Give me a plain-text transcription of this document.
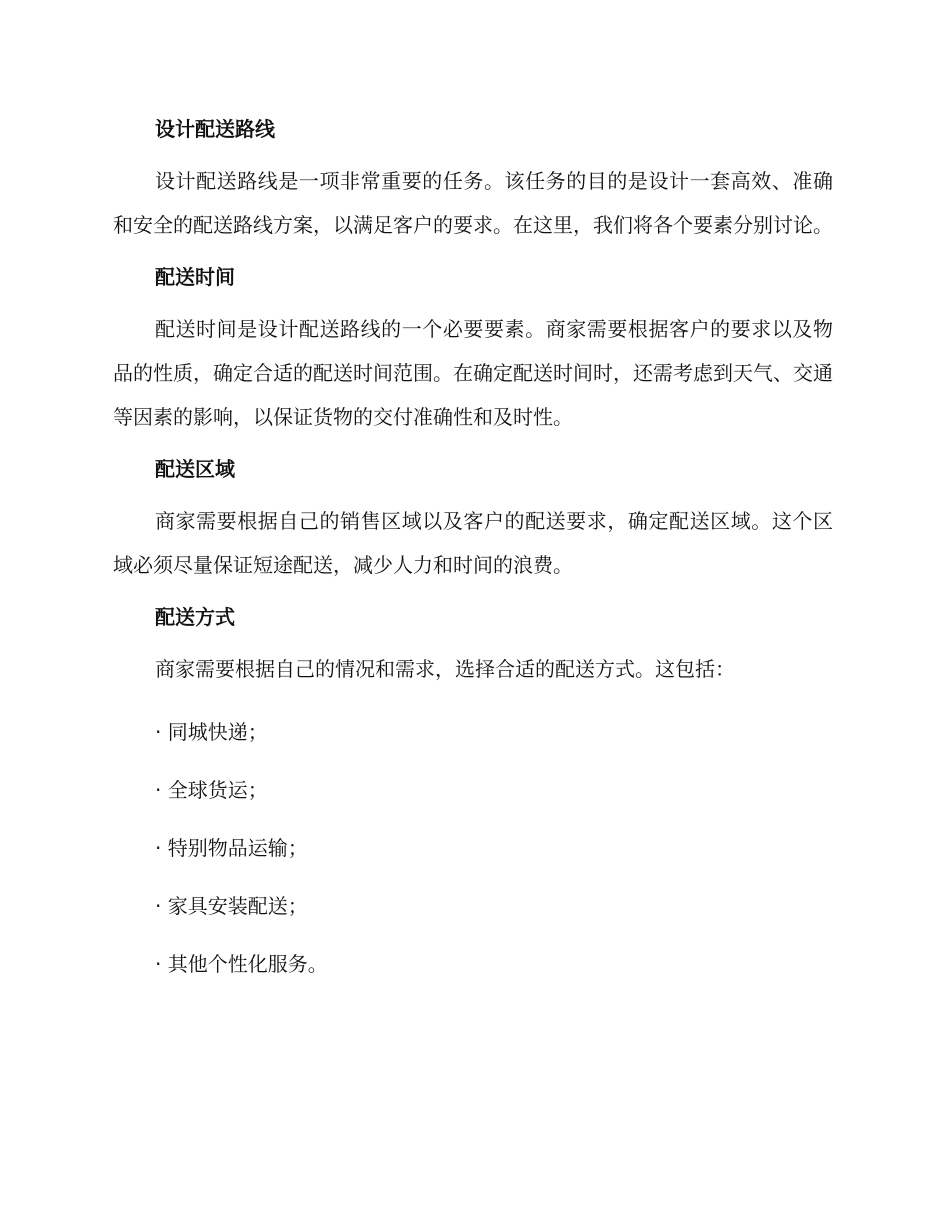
设计配送路线

设计配送路线是一项非常重要的任务。该任务的目的是设计一套高效、准确和安全的配送路线方案，以满足客户的要求。在这里，我们将各个要素分别讨论。

配送时间

配送时间是设计配送路线的一个必要要素。商家需要根据客户的要求以及物品的性质，确定合适的配送时间范围。在确定配送时间时，还需考虑到天气、交通等因素的影响，以保证货物的交付准确性和及时性。

配送区域

商家需要根据自己的销售区域以及客户的配送要求，确定配送区域。这个区域必须尽量保证短途配送，减少人力和时间的浪费。

配送方式

商家需要根据自己的情况和需求，选择合适的配送方式。这包括：

· 同城快递；
· 全球货运；
· 特别物品运输；
· 家具安装配送；
· 其他个性化服务。
